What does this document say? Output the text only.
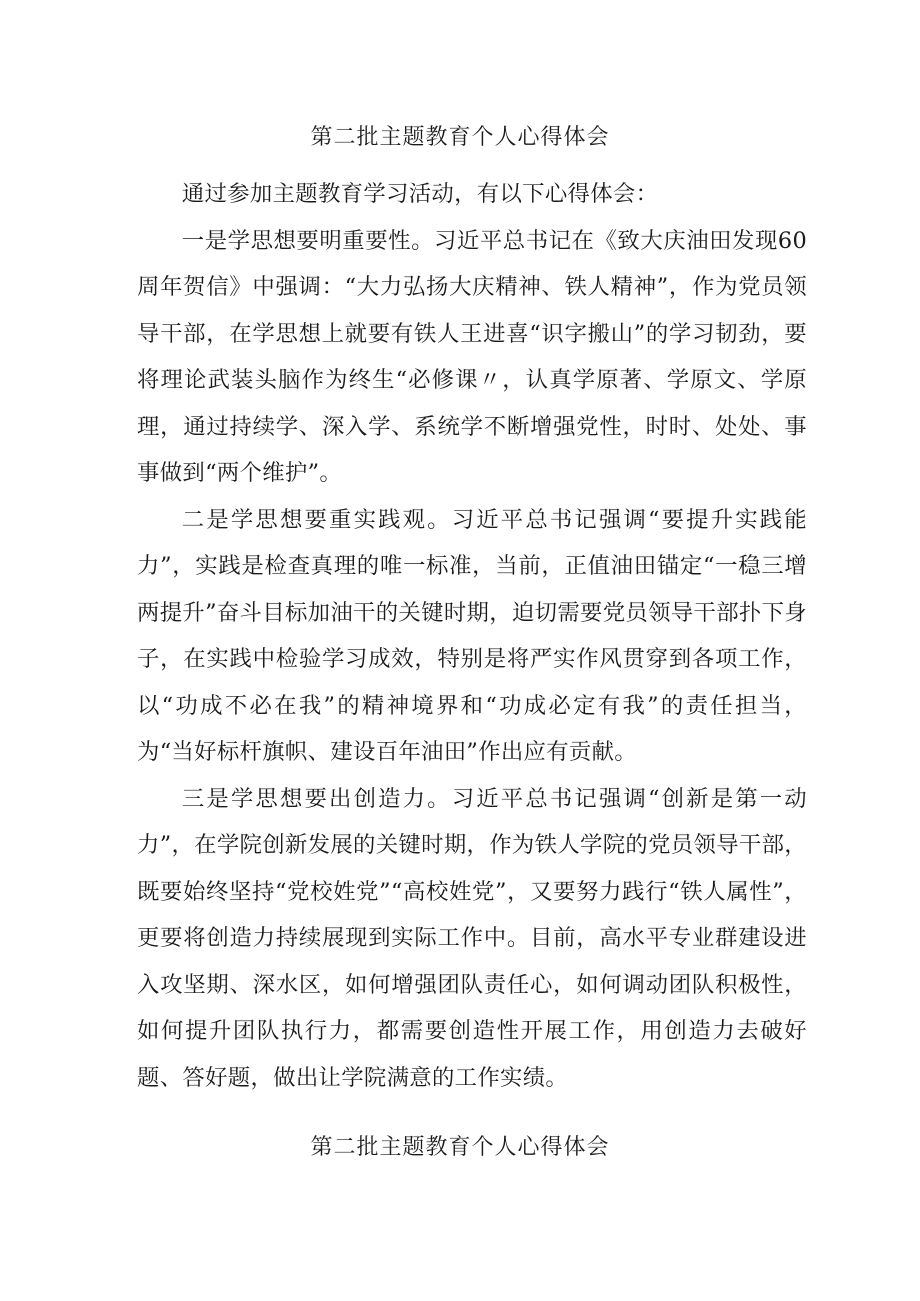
第二批主题教育个人心得体会

通过参加主题教育学习活动，有以下心得体会：

一是学思想要明重要性。习近平总书记在《致大庆油田发现60周年贺信》中强调：“大力弘扬大庆精神、铁人精神”，作为党员领导干部，在学思想上就要有铁人王进喜“识字搬山”的学习韧劲，要将理论武装头脑作为终生“必修课〃，认真学原著、学原文、学原理，通过持续学、深入学、系统学不断增强党性，时时、处处、事事做到“两个维护”。

二是学思想要重实践观。习近平总书记强调“要提升实践能力”，实践是检查真理的唯一标准，当前，正值油田锚定“一稳三增两提升”奋斗目标加油干的关键时期，迫切需要党员领导干部扑下身子，在实践中检验学习成效，特别是将严实作风贯穿到各项工作，以“功成不必在我”的精神境界和“功成必定有我”的责任担当，为“当好标杆旗帜、建设百年油田”作出应有贡献。

三是学思想要出创造力。习近平总书记强调“创新是第一动力”，在学院创新发展的关键时期，作为铁人学院的党员领导干部，既要始终坚持“党校姓党”“高校姓党”，又要努力践行“铁人属性”，更要将创造力持续展现到实际工作中。目前，高水平专业群建设进入攻坚期、深水区，如何增强团队责任心，如何调动团队积极性，如何提升团队执行力，都需要创造性开展工作，用创造力去破好题、答好题，做出让学院满意的工作实绩。

第二批主题教育个人心得体会
